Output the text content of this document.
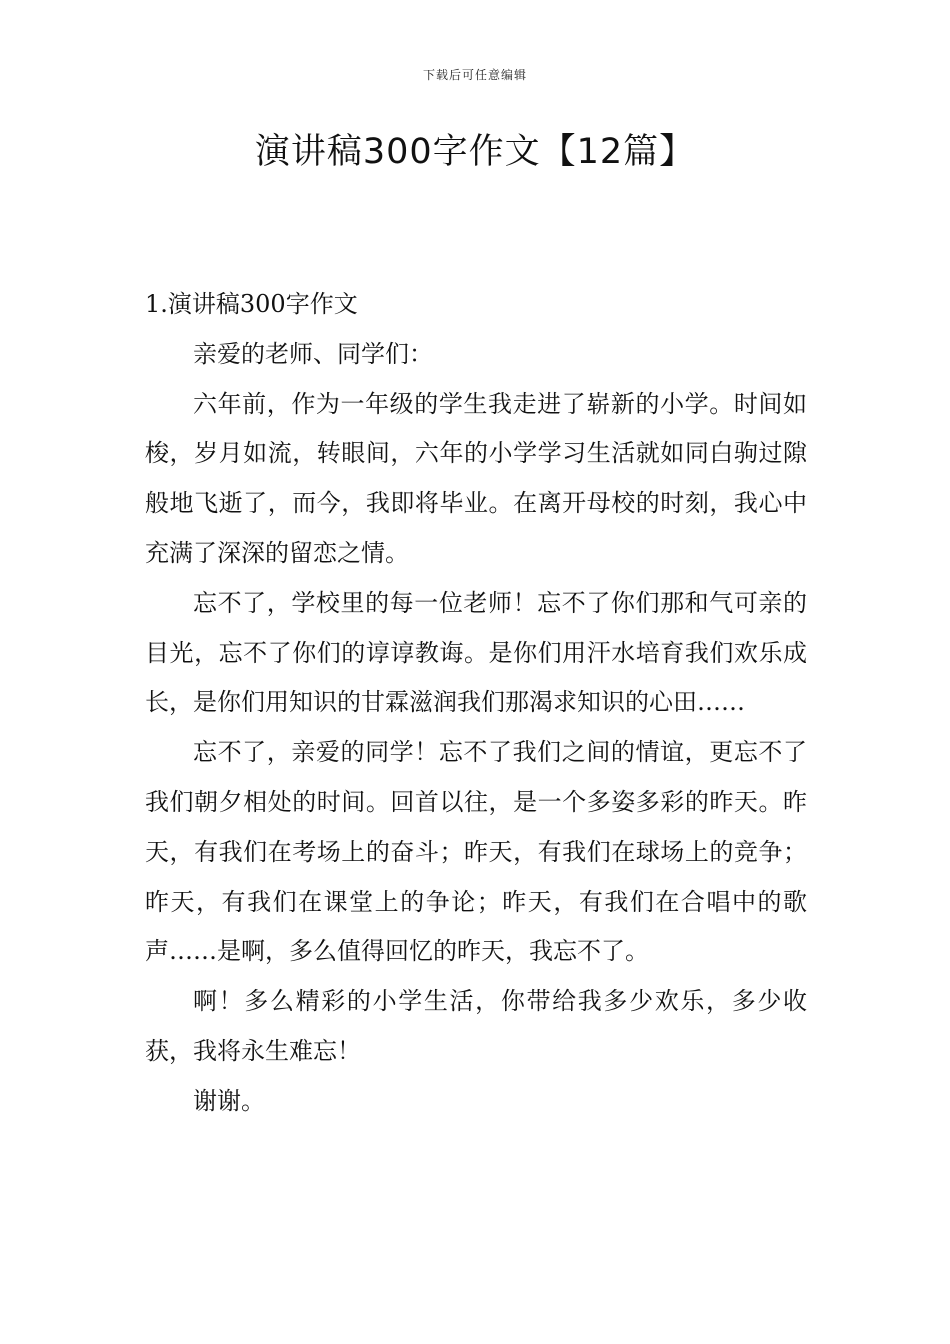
下载后可任意编辑
演讲稿300字作文【12篇】

1.演讲稿300字作文

亲爱的老师、同学们：

六年前，作为一年级的学生我走进了崭新的小学。时间如梭，岁月如流，转眼间，六年的小学学习生活就如同白驹过隙般地飞逝了，而今，我即将毕业。在离开母校的时刻，我心中充满了深深的留恋之情。

忘不了，学校里的每一位老师！忘不了你们那和气可亲的目光，忘不了你们的谆谆教诲。是你们用汗水培育我们欢乐成长，是你们用知识的甘霖滋润我们那渴求知识的心田……

忘不了，亲爱的同学！忘不了我们之间的情谊，更忘不了我们朝夕相处的时间。回首以往，是一个多姿多彩的昨天。昨天，有我们在考场上的奋斗；昨天，有我们在球场上的竞争；昨天，有我们在课堂上的争论；昨天，有我们在合唱中的歌声……是啊，多么值得回忆的昨天，我忘不了。

啊！多么精彩的小学生活，你带给我多少欢乐，多少收获，我将永生难忘！

谢谢。
